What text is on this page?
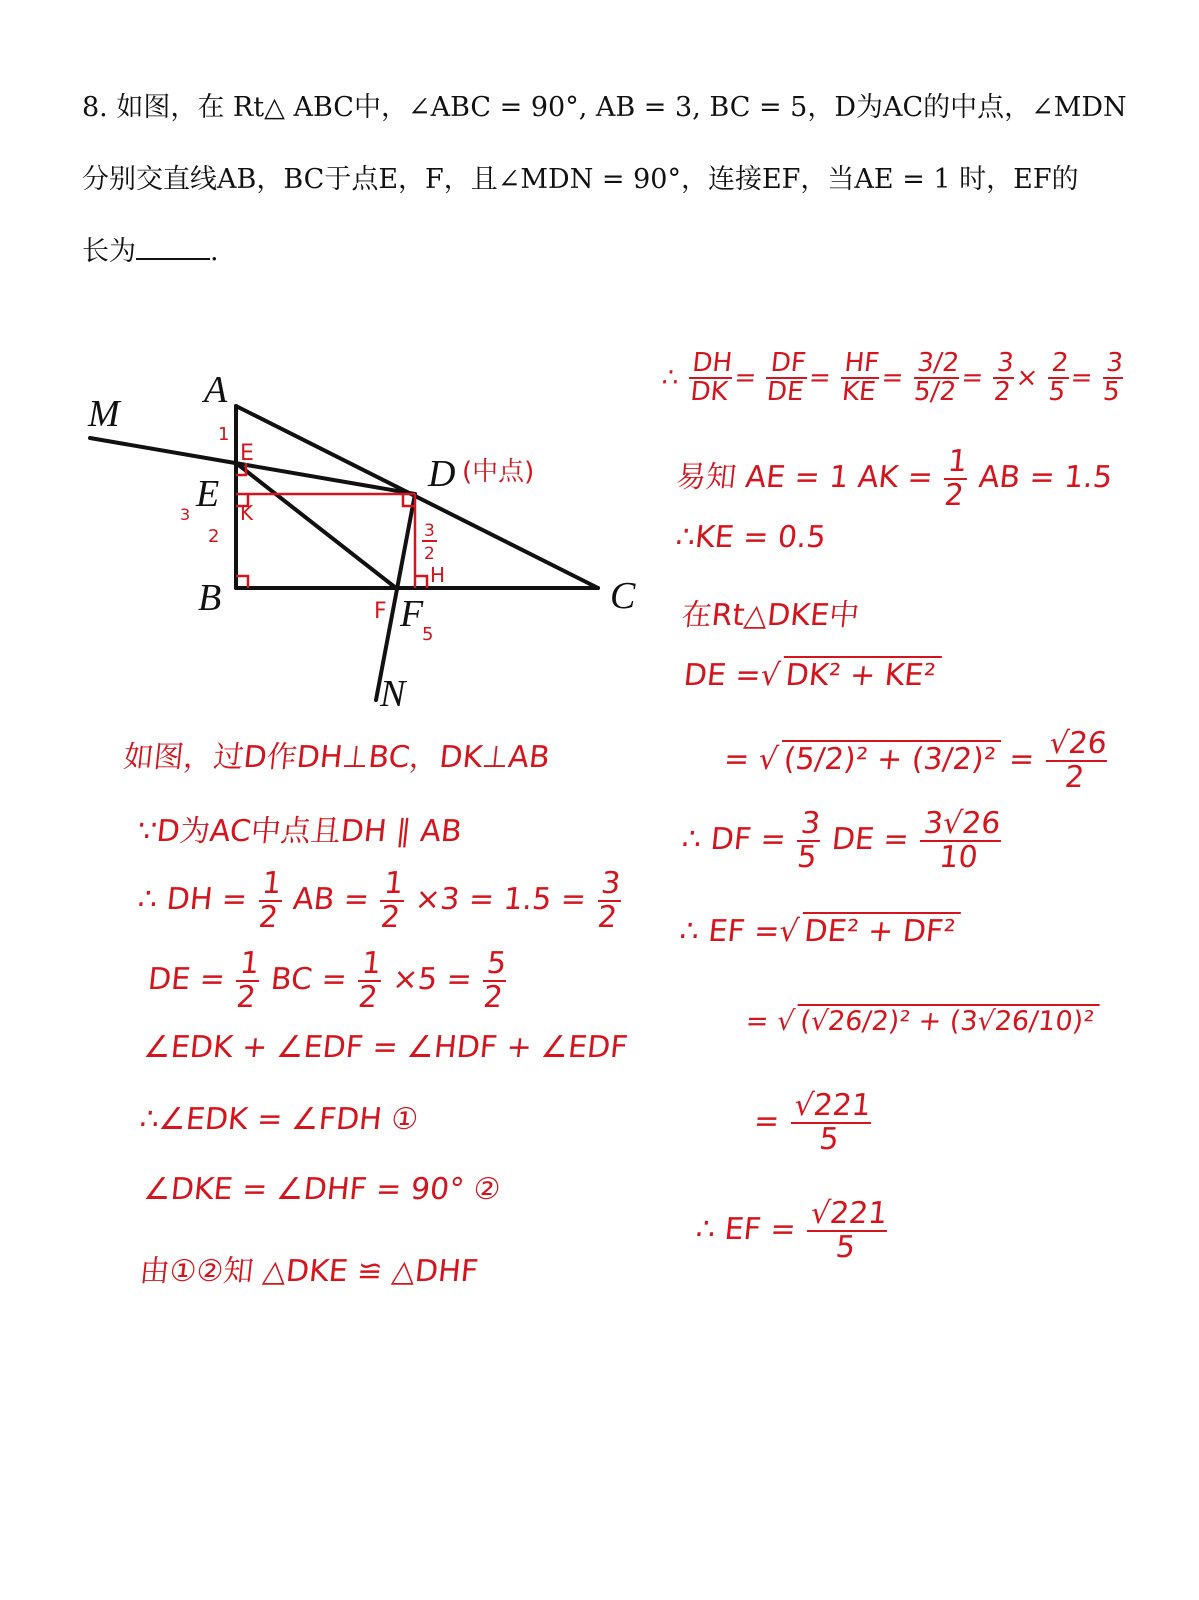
8. 如图，在 Rt△ ABC中，∠ABC = 90°, AB = 3, BC = 5，D为AC的中点，∠MDN

分别交直线AB，BC于点E，F，且∠MDN = 90°，连接EF，当AE = 1 时，EF的

长为	.

A
B	C
D
E
F
M
N
(中点)
E
K
H
F
1
2
3
5
3
2
如图，过D作DH⊥BC，DK⊥AB
∵D为AC中点且DH ∥ AB
∴ DH = $\frac{1}{2}$ AB = $\frac{1}{2} \times 3 = 1.5 = \frac{3}{2}$
DE = $\frac{1}{2}$ BC = $\frac{1}{2} \times 5 = \frac{5}{2}$
∠EDK + ∠EDF = ∠HDF + ∠EDF
∴∠EDK = ∠FDH ①
∠DKE = ∠DHF = 90° ②
由①②知 △DKE ≌ △DHF
∴ $\frac{DH}{DK}$
=
$\frac{DF}{DE}$
=
$\frac{HF}{KE}$
=
$\frac{3/2}{5/2}$
=
$\frac{3}{2}$
×
$\frac{2}{5}$
=
$\frac{3}{5}$
易知 AE = 1 AK = $\frac{1}{2}$ AB = 1.5
∴KE = 0.5
在Rt△DKE中
DE =√DK² + KE²
= $√(5/2)^2 + (3/2)^2 = \frac{√26}{2}$
∴ DF = $\frac{3}{5}$ DE = $\frac{3√26}{10}$
∴ EF =√DE² + DF²
= √ (√26/2)² + (3√26/10)²
= $\frac{√221}{5}$
∴ EF = $\frac{√221}{5}$
